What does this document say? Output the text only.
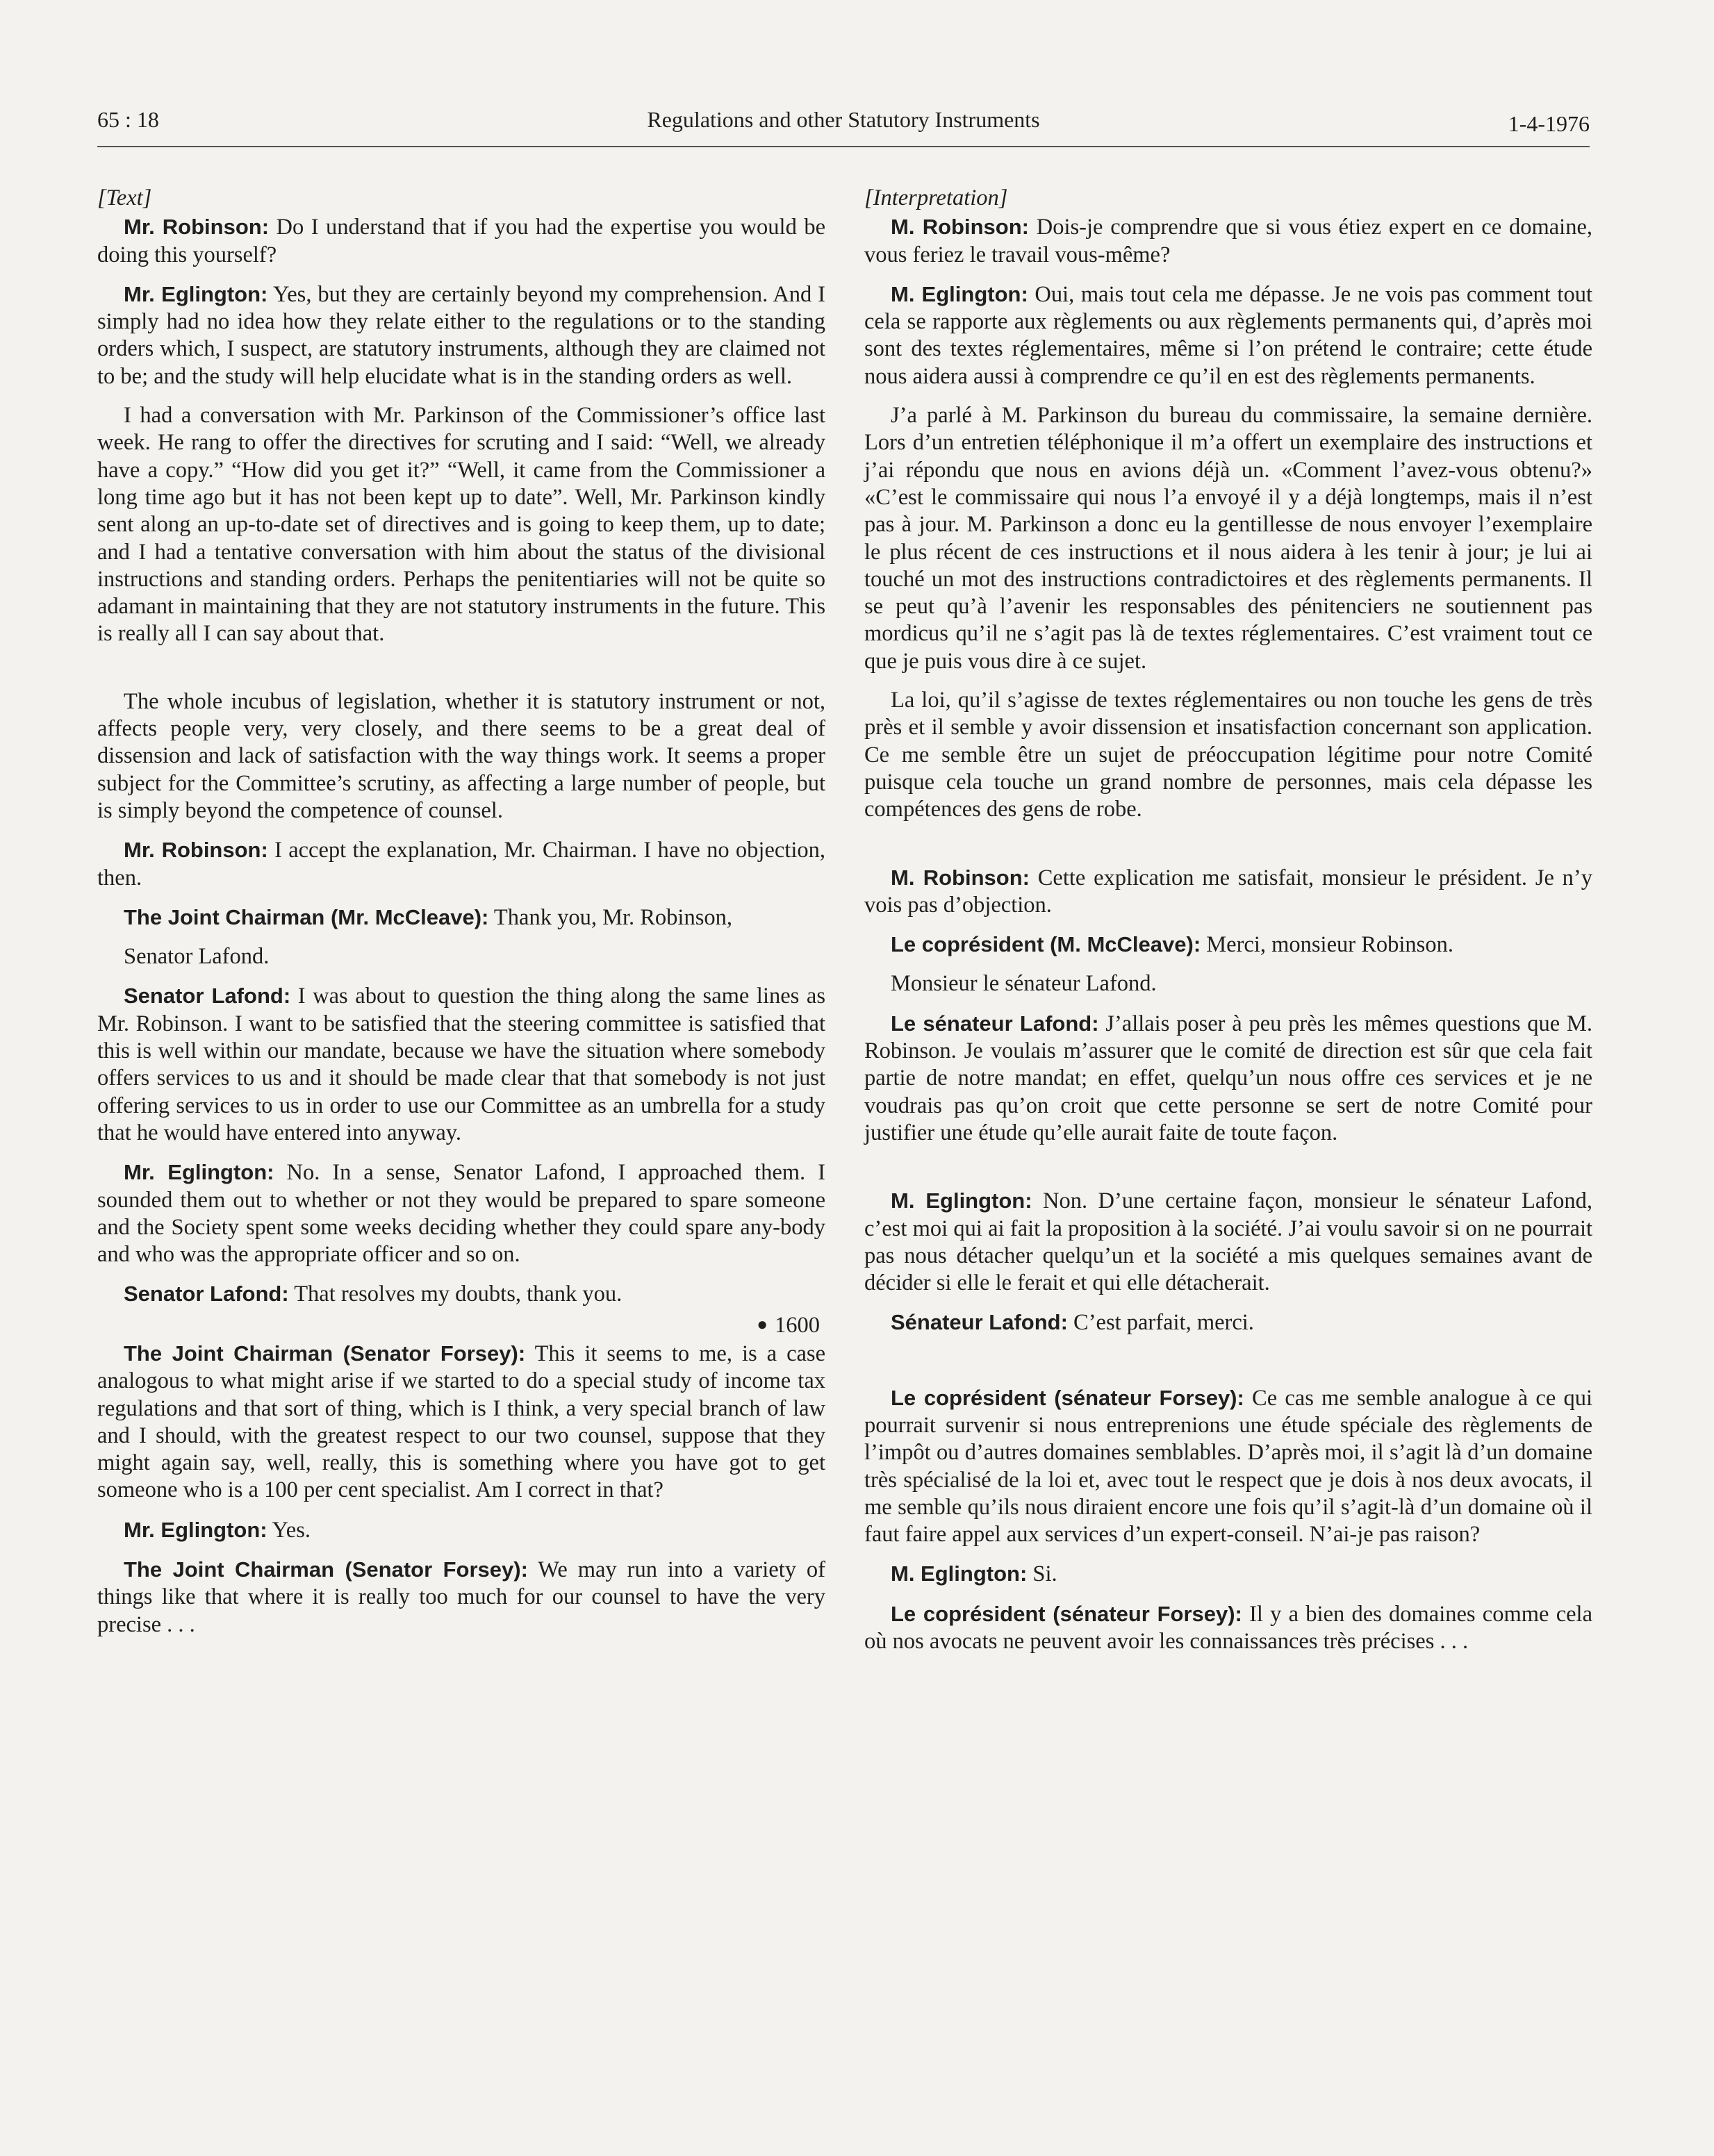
65 : 18	Regulations and other Statutory Instruments	1-4-1976

[Text]

Mr. Robinson: Do I understand that if you had the expertise you would be doing this yourself?

Mr. Eglington: Yes, but they are certainly beyond my comprehension. And I simply had no idea how they relate either to the regulations or to the standing orders which, I suspect, are statutory instruments, although they are claimed not to be; and the study will help elucidate what is in the standing orders as well.

I had a conversation with Mr. Parkinson of the Commissioner’s office last week. He rang to offer the directives for scruting and I said: “Well, we already have a copy.” “How did you get it?” “Well, it came from the Commissioner a long time ago but it has not been kept up to date”. Well, Mr. Parkinson kindly sent along an up-to-date set of directives and is going to keep them, up to date; and I had a tentative conversation with him about the status of the divisional instructions and standing orders. Perhaps the penitentiaries will not be quite so adamant in maintaining that they are not statutory instruments in the future. This is really all I can say about that.

The whole incubus of legislation, whether it is statutory instrument or not, affects people very, very closely, and there seems to be a great deal of dissension and lack of satisfaction with the way things work. It seems a proper subject for the Committee’s scrutiny, as affecting a large number of people, but is simply beyond the competence of counsel.

Mr. Robinson: I accept the explanation, Mr. Chairman. I have no objection, then.

The Joint Chairman (Mr. McCleave): Thank you, Mr. Robinson,

Senator Lafond.

Senator Lafond: I was about to question the thing along the same lines as Mr. Robinson. I want to be satisfied that the steering committee is satisfied that this is well within our mandate, because we have the situation where somebody offers services to us and it should be made clear that that somebody is not just offering services to us in order to use our Committee as an umbrella for a study that he would have entered into anyway.

Mr. Eglington: No. In a sense, Senator Lafond, I approached them. I sounded them out to whether or not they would be prepared to spare someone and the Society spent some weeks deciding whether they could spare any-body and who was the appropriate officer and so on.

Senator Lafond: That resolves my doubts, thank you.

● 1600

The Joint Chairman (Senator Forsey): This it seems to me, is a case analogous to what might arise if we started to do a special study of income tax regulations and that sort of thing, which is I think, a very special branch of law and I should, with the greatest respect to our two counsel, suppose that they might again say, well, really, this is something where you have got to get someone who is a 100 per cent specialist. Am I correct in that?

Mr. Eglington: Yes.

The Joint Chairman (Senator Forsey): We may run into a variety of things like that where it is really too much for our counsel to have the very precise . . .

[Interpretation]

M. Robinson: Dois-je comprendre que si vous étiez expert en ce domaine, vous feriez le travail vous-même?

M. Eglington: Oui, mais tout cela me dépasse. Je ne vois pas comment tout cela se rapporte aux règlements ou aux règlements permanents qui, d’après moi sont des textes réglementaires, même si l’on prétend le contraire; cette étude nous aidera aussi à comprendre ce qu’il en est des règlements permanents.

J’a parlé à M. Parkinson du bureau du commissaire, la semaine dernière. Lors d’un entretien téléphonique il m’a offert un exemplaire des instructions et j’ai répondu que nous en avions déjà un. «Comment l’avez-vous obtenu?» «C’est le commissaire qui nous l’a envoyé il y a déjà longtemps, mais il n’est pas à jour. M. Parkinson a donc eu la gentillesse de nous envoyer l’exemplaire le plus récent de ces instructions et il nous aidera à les tenir à jour; je lui ai touché un mot des instructions contradictoires et des règlements permanents. Il se peut qu’à l’avenir les responsables des pénitenciers ne soutiennent pas mordicus qu’il ne s’agit pas là de textes réglementaires. C’est vraiment tout ce que je puis vous dire à ce sujet.

La loi, qu’il s’agisse de textes réglementaires ou non touche les gens de très près et il semble y avoir dissension et insatisfaction concernant son application. Ce me semble être un sujet de préoccupation légitime pour notre Comité puisque cela touche un grand nombre de personnes, mais cela dépasse les compétences des gens de robe.

M. Robinson: Cette explication me satisfait, monsieur le président. Je n’y vois pas d’objection.

Le coprésident (M. McCleave): Merci, monsieur Robinson.

Monsieur le sénateur Lafond.

Le sénateur Lafond: J’allais poser à peu près les mêmes questions que M. Robinson. Je voulais m’assurer que le comité de direction est sûr que cela fait partie de notre mandat; en effet, quelqu’un nous offre ces services et je ne voudrais pas qu’on croit que cette personne se sert de notre Comité pour justifier une étude qu’elle aurait faite de toute façon.

M. Eglington: Non. D’une certaine façon, monsieur le sénateur Lafond, c’est moi qui ai fait la proposition à la société. J’ai voulu savoir si on ne pourrait pas nous détacher quelqu’un et la société a mis quelques semaines avant de décider si elle le ferait et qui elle détacherait.

Sénateur Lafond: C’est parfait, merci.

Le coprésident (sénateur Forsey): Ce cas me semble analogue à ce qui pourrait survenir si nous entreprenions une étude spéciale des règlements de l’impôt ou d’autres domaines semblables. D’après moi, il s’agit là d’un domaine très spécialisé de la loi et, avec tout le respect que je dois à nos deux avocats, il me semble qu’ils nous diraient encore une fois qu’il s’agit-là d’un domaine où il faut faire appel aux services d’un expert-conseil. N’ai-je pas raison?

M. Eglington: Si.

Le coprésident (sénateur Forsey): Il y a bien des domaines comme cela où nos avocats ne peuvent avoir les connaissances très précises . . .
